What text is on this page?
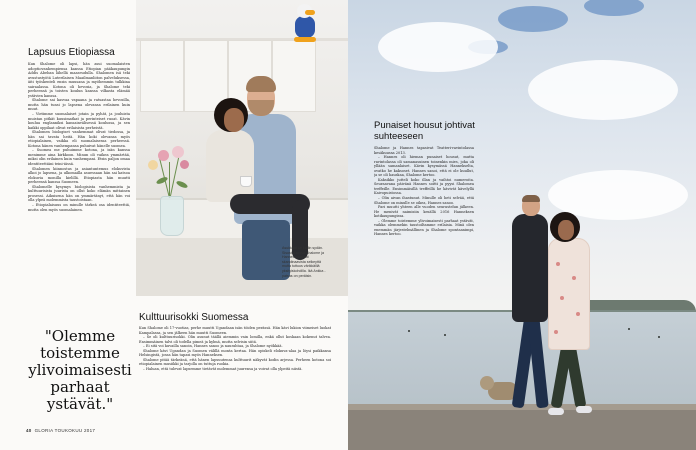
Asukkaat on kodin sydän. Sisustuksessa Shalome ja Hannes suosivat skandinaavista selkeyttä mutta tuttuus värikkäillä yksityiskohdilla. Ikä Ankka -patsas on peräisin.
Lapsuus Etiopiassa

Kun Shalome oli lapsi, hän asui suomalaisten adoptiovanhempiensa kanssa Etiopian pääkaupungin Addis Abeban lähellä maaseudulla. Shalomen isä teki avustustyötä Luterilaisen Maailmanliiton palveluksessa, äiti työskenteli ensin muusana ja myöhemmin tulkkina sairaalassa. Kotona oli hevosia, ja Shalome teki perheensä ja toisten koulun kanssa vilkasta elämää ystävien kanssa.

Shalome sai kasvaa vapaana ja ratsastaa hevosilla, mutta hän tunsi jo lapsena olevansa erilainen kuin muut.

– Vietimme suomalaiset jotain ja pyhät, ja jouluista muistan pitkät kuusimatkat ja perinteiset ruoat. Kävin koulua englanniksi kansainvälisessä koulussa, ja sen kaikki oppilaat olivat erilaisista perheistä.

Shalomen biologiset vanhemmat olivat tiedossa, ja hän sai tavata heitä. Hän koki olevansa myös etiopialainen, vaikka eli suomalaisessa perheessä. Kotona hänen vanhempansa puhuivat hänelle suomea.

– Suomea me puhuimme kotona, ja isän kanssa menimme aina kirkkoon. Minun oli vaikea ymmärtää, miksi olin erilainen kuin vanhempani. Etsin paljon omaa identiteettiäni teini-iässä.

Shalomen kiinnostus ja asiantuntemus elokuvista alkoi jo lapsena, ja ulkomailla asuessaan hän sai katsoa elokuvia monilla kielillä. Etiopiasta hän muutti perheensä kanssa Suomeen.

Shalomelle kysymys biologisista vanhemmista ja kulttuurisista juurista on ollut koko elämän mittainen prosessi. Aikuisena hän on ymmärtänyt, että hän voi olla ylpeä molemmista taustoistaan.

– Etiopialaisuus on minulle tärkeä osa identiteettiä, mutta olen myös suomalainen.

"Olemme toistemme ylivoimaisesti parhaat ystävät."
Kulttuurisokki Suomessa

Kun Shalome oli 17-vuotias, perhe muutti Ugandaan isän töiden perässä. Hän kävi lukion viimeiset luokat Kampalassa, ja sen jälkeen hän muutti Suomeen.

– Se oli kulttuurisokki. Olin asunut täällä aiemmin vain lomilla, enkä ollut koskaan kokenut talvea. Ensimmäinen talvi oli todella pimeä ja kylmä, mutta selvisin siitä.

– Ei sitä voi kuvailla sanoin, Hannes sanoo ja naurahtaa, ja Shalome nyökkää.

Shalome kävi Ugandan ja Suomen välillä monta kertaa. Hän opiskeli elokuva-alaa ja löysi paikkansa Helsingistä, jossa hän tapasi myös Hanneksen.

Shalome pitää tärkeänä, että hänen lapsuutensa kulttuurit näkyvät kodin arjessa. Perheen kotona soi etiopialainen musiikki ja tarjolla on tuttuja ruokia.

– Haluan, että tulevat lapsemme tietävät molemmat juurensa ja voivat olla ylpeitä niistä.

40 GLORIA TOUKOKUU 2017
Punaiset housut johtivat suhteeseen

Shalome ja Hannes tapasivat Teatteri-ravintolassa kesäkuussa 2013.

– Hannes oli hieman punaiset housut, mutta ravintolassa oli samanasuinen toinenkin mies, joka oli yllään samanlaiset. Kävin kysymässä Hannekselta, ovatko he kaksoset. Hannes sanoi, että ei ole kuullut, ja se oli hauskaa, Shalome kertoo.

Kaksikko jutteli koko illan ja vaihtoi numeroita. Seuraavana päivänä Hannes soitti ja pyysi Shalomea treffeille. Ensimmäisillä treffeillä he kävivät kävelyllä Kaivopuistossa.

– Olin aivan ihastunut. Minulle oli heti selvää, että Shalome on minulle se oikea, Hannes sanoo.

Pari muutti yhteen alle vuoden seurustelun jälkeen. He menivät naimisiin kesällä 2016 Hanneksen kotikaupungissa.

– Olemme toistemme ylivoimaisesti parhaat ystävät, vaikka olemmekin taustoiltamme erilaisia. Minä olen enemmän järjestelmällinen ja Shalome spontaanimpi, Hannes kertoo.
